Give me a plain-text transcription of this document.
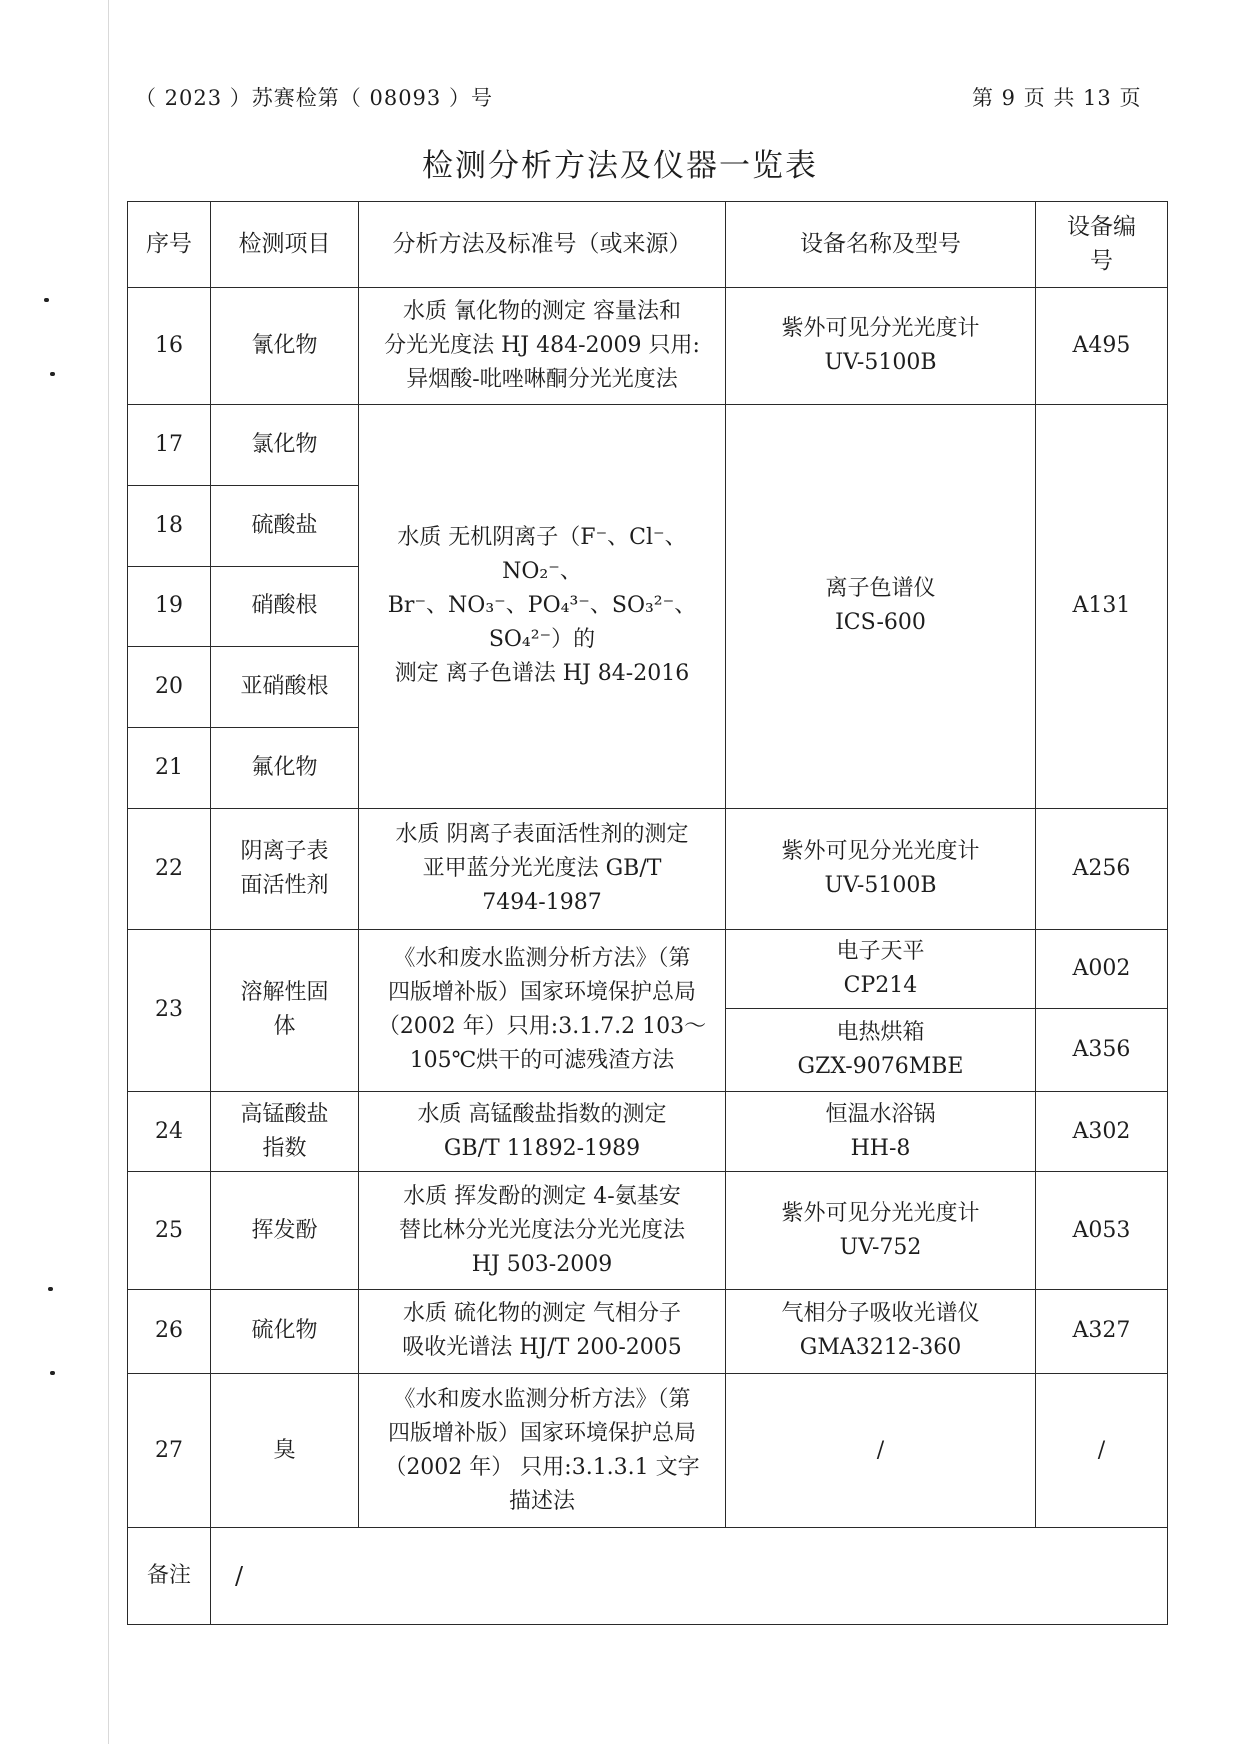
（ 2023 ）苏赛检第（ 08093 ）号	第 9 页 共 13 页
检测分析方法及仪器一览表
序号	检测项目	分析方法及标准号（或来源）	设备名称及型号	设备编
号
16	氰化物	水质 氰化物的测定 容量法和
分光光度法 HJ 484-2009 只用:
异烟酸-吡唑啉酮分光光度法	紫外可见分光光度计
UV-5100B	A495
17	氯化物	水质 无机阴离子（F⁻、Cl⁻、NO₂⁻、
Br⁻、NO₃⁻、PO₄³⁻、SO₃²⁻、SO₄²⁻）的
测定 离子色谱法 HJ 84-2016	离子色谱仪
ICS-600	A131
18	硫酸盐			
19	硝酸根			
20	亚硝酸根			
21	氟化物			
22	阴离子表
面活性剂	水质 阴离子表面活性剂的测定
亚甲蓝分光光度法 GB/T
7494-1987	紫外可见分光光度计
UV-5100B	A256
23	溶解性固
体	《水和废水监测分析方法》（第
四版增补版）国家环境保护总局
（2002 年）只用:3.1.7.2 103～
105℃烘干的可滤残渣方法	电子天平
CP214	A002
			电热烘箱
GZX-9076MBE	A356
24	高锰酸盐
指数	水质 高锰酸盐指数的测定
GB/T 11892-1989	恒温水浴锅
HH-8	A302
25	挥发酚	水质 挥发酚的测定 4-氨基安
替比林分光光度法分光光度法
HJ 503-2009	紫外可见分光光度计
UV-752	A053
26	硫化物	水质 硫化物的测定 气相分子
吸收光谱法 HJ/T 200-2005	气相分子吸收光谱仪
GMA3212-360	A327
27	臭	《水和废水监测分析方法》（第
四版增补版）国家环境保护总局
（2002 年） 只用:3.1.3.1 文字
描述法	/	/
备注	/			
